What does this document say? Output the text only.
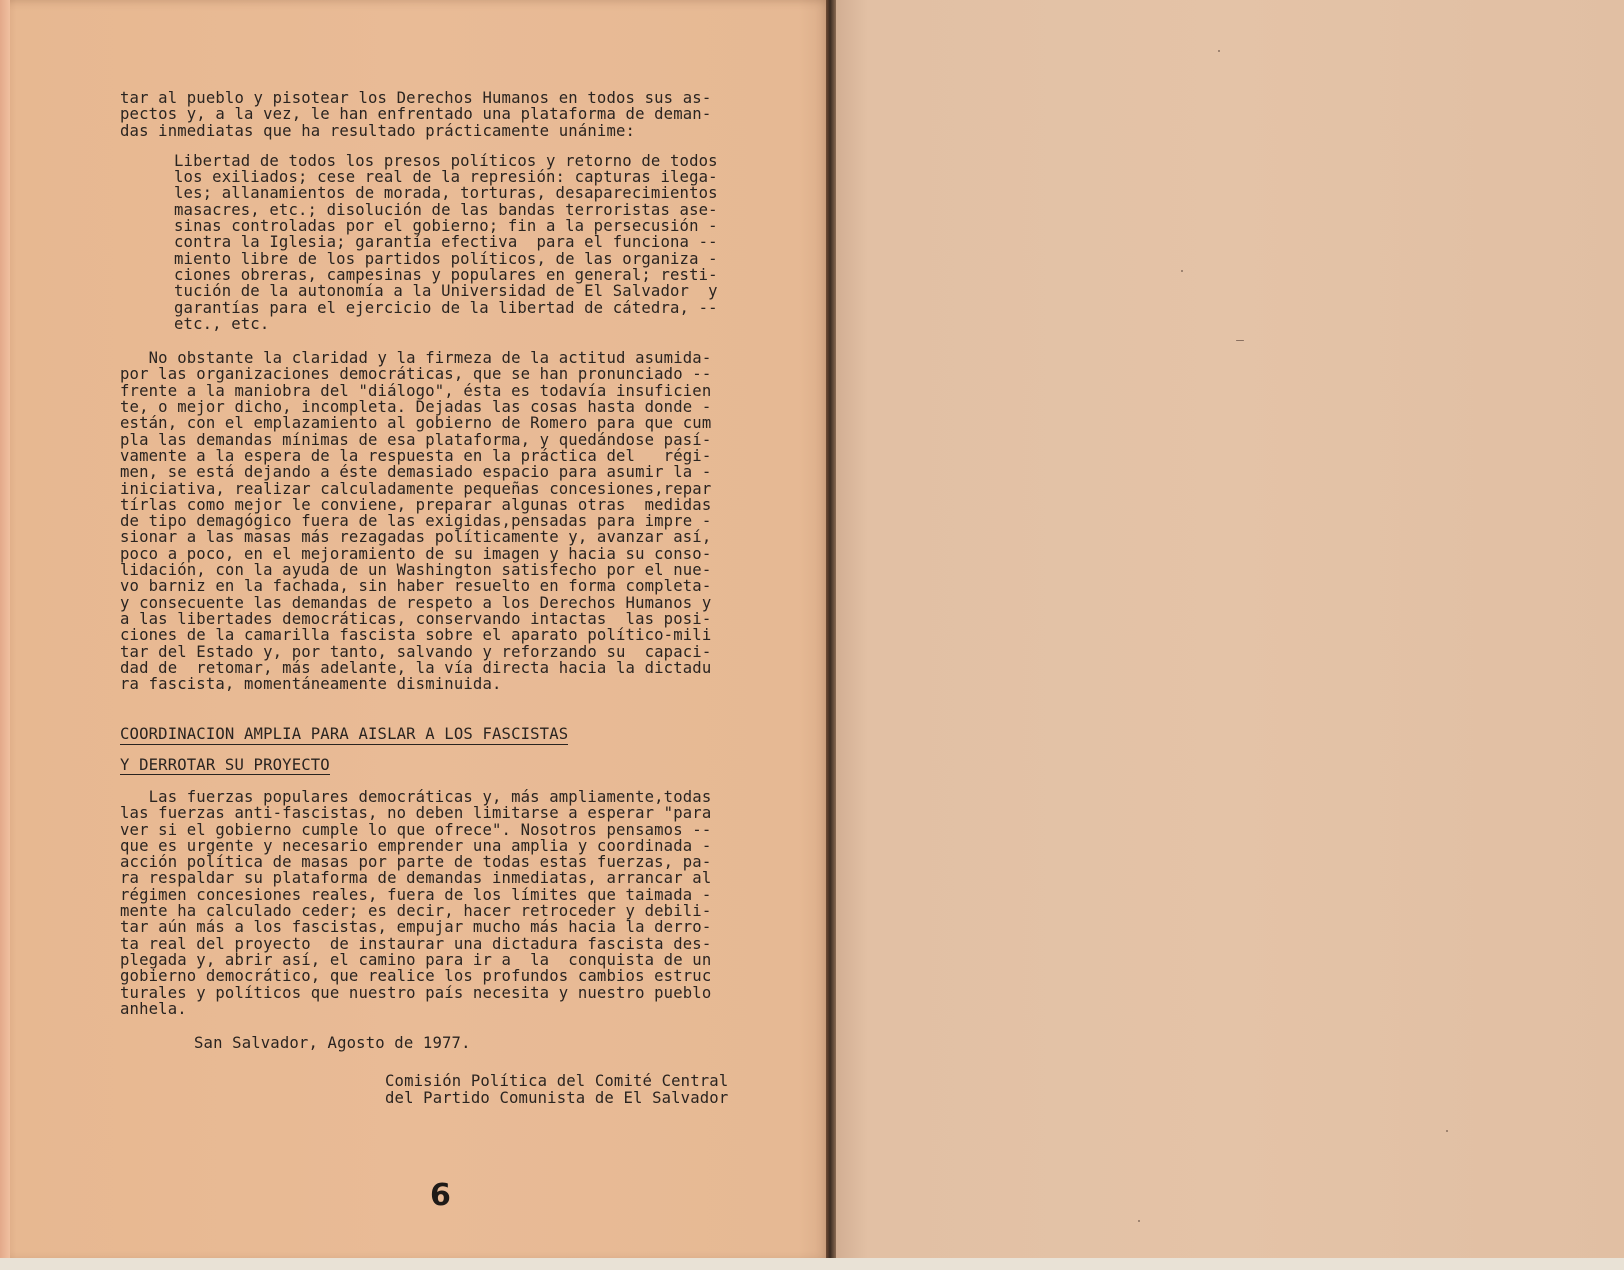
tar al pueblo y pisotear los Derechos Humanos en todos sus as-

pectos y, a la vez, le han enfrentado una plataforma de deman-

das inmediatas que ha resultado prácticamente unánime:

Libertad de todos los presos políticos y retorno de todos

los exiliados; cese real de la represión: capturas ilega-

les; allanamientos de morada, torturas, desaparecimientos

masacres, etc.; disolución de las bandas terroristas ase-

sinas controladas por el gobierno; fin a la persecusión -

contra la Iglesia; garantía efectiva  para el funciona --

miento libre de los partidos políticos, de las organiza -

ciones obreras, campesinas y populares en general; resti-

tución de la autonomía a la Universidad de El Salvador  y

garantías para el ejercicio de la libertad de cátedra, --

etc., etc.

No obstante la claridad y la firmeza de la actitud asumida-

por las organizaciones democráticas, que se han pronunciado --

frente a la maniobra del "diálogo", ésta es todavía insuficien

te, o mejor dicho, incompleta. Dejadas las cosas hasta donde -

están, con el emplazamiento al gobierno de Romero para que cum

pla las demandas mínimas de esa plataforma, y quedándose pasí-

vamente a la espera de la respuesta en la práctica del   régi-

men, se está dejando a éste demasiado espacio para asumir la -

iniciativa, realizar calculadamente pequeñas concesiones,repar

tírlas como mejor le conviene, preparar algunas otras  medidas

de tipo demagógico fuera de las exigidas,pensadas para impre -

sionar a las masas más rezagadas políticamente y, avanzar así,

poco a poco, en el mejoramiento de su imagen y hacia su conso-

lidación, con la ayuda de un Washington satisfecho por el nue-

vo barniz en la fachada, sin haber resuelto en forma completa-

y consecuente las demandas de respeto a los Derechos Humanos y

a las libertades democráticas, conservando intactas  las posi-

ciones de la camarilla fascista sobre el aparato político-mili

tar del Estado y, por tanto, salvando y reforzando su  capaci-

dad de  retomar, más adelante, la vía directa hacia la dictadu

ra fascista, momentáneamente disminuida.

COORDINACION AMPLIA PARA AISLAR A LOS FASCISTAS

Y DERROTAR SU PROYECTO

Las fuerzas populares democráticas y, más ampliamente,todas

las fuerzas anti-fascistas, no deben limitarse a esperar "para

ver si el gobierno cumple lo que ofrece". Nosotros pensamos --

que es urgente y necesario emprender una amplia y coordinada -

acción política de masas por parte de todas estas fuerzas, pa-

ra respaldar su plataforma de demandas inmediatas, arrancar al

régimen concesiones reales, fuera de los límites que taimada -

mente ha calculado ceder; es decir, hacer retroceder y debili-

tar aún más a los fascistas, empujar mucho más hacia la derro-

ta real del proyecto  de instaurar una dictadura fascista des-

plegada y, abrir así, el camino para ir a  la  conquista de un

gobierno democrático, que realice los profundos cambios estruc

turales y políticos que nuestro país necesita y nuestro pueblo

anhela.

San Salvador, Agosto de 1977.

Comisión Política del Comité Central

del Partido Comunista de El Salvador

6
